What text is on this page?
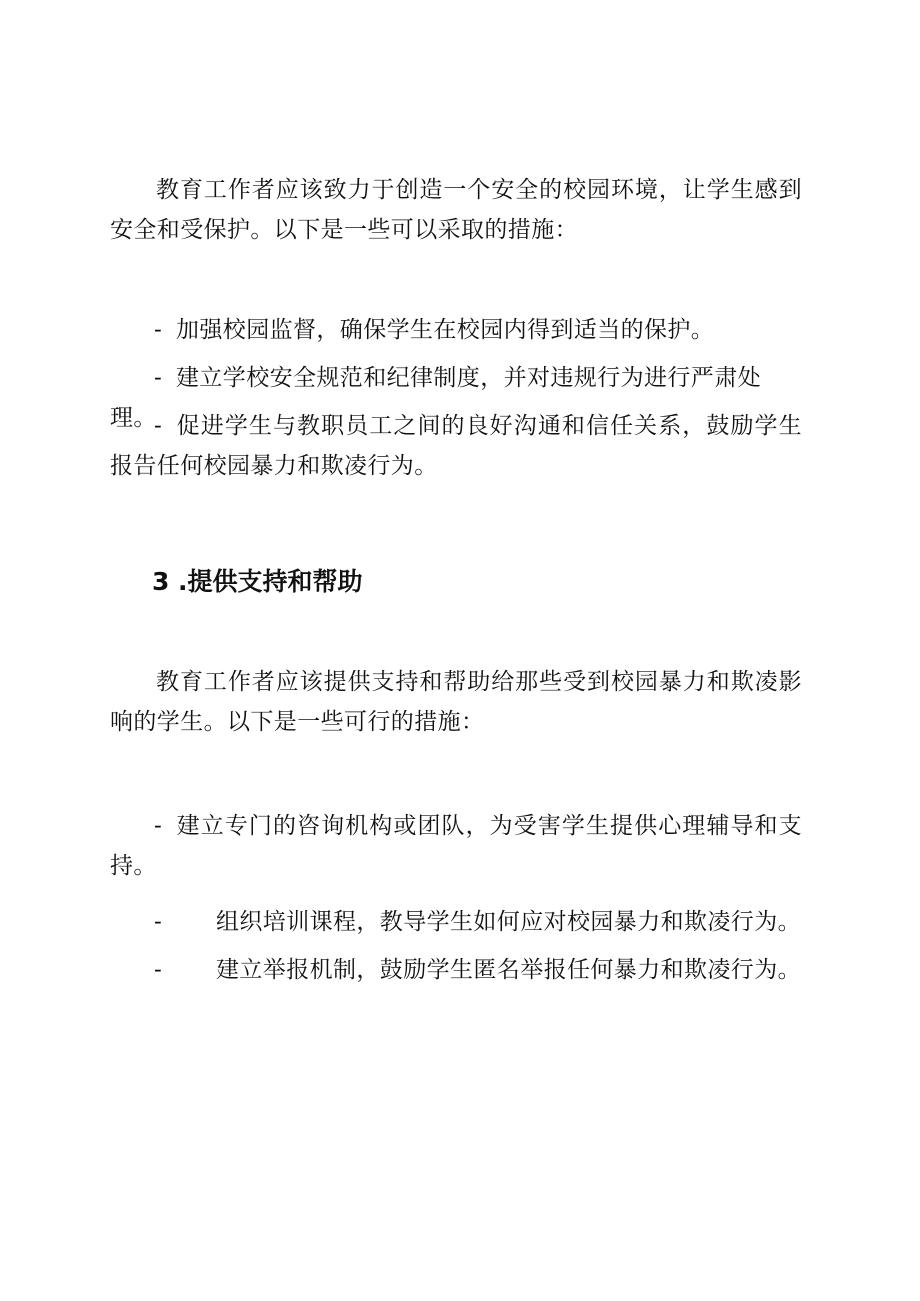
教育工作者应该致力于创造一个安全的校园环境，让学生感到安全和受保护。以下是一些可以采取的措施：

- 加强校园监督，确保学生在校园内得到适当的保护。

- 建立学校安全规范和纪律制度，并对违规行为进行严肃处理。

- 促进学生与教职员工之间的良好沟通和信任关系，鼓励学生报告任何校园暴力和欺凌行为。

3 .提供支持和帮助

教育工作者应该提供支持和帮助给那些受到校园暴力和欺凌影响的学生。以下是一些可行的措施：

- 建立专门的咨询机构或团队，为受害学生提供心理辅导和支持。

- 组织培训课程，教导学生如何应对校园暴力和欺凌行为。

- 建立举报机制，鼓励学生匿名举报任何暴力和欺凌行为。
